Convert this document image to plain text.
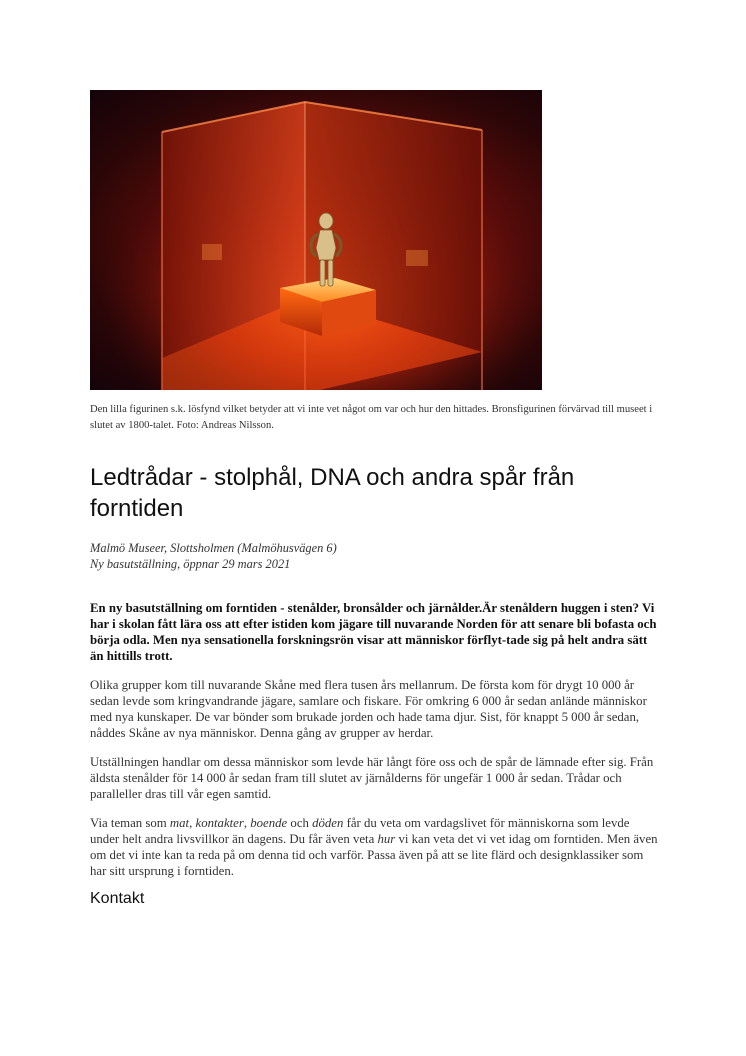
Den lilla figurinen s.k. lösfynd vilket betyder att vi inte vet något om var och hur den hittades. Bronsfigurinen förvärvad till museet i slutet av 1800-talet. Foto: Andreas Nilsson.
Ledtrådar - stolphål, DNA och andra spår från forntiden
Malmö Museer, Slottsholmen (Malmöhusvägen 6)
Ny basutställning, öppnar 29 mars 2021
En ny basutställning om forntiden - stenålder, bronsålder och järnålder.Är stenåldern huggen i sten? Vi har i skolan fått lära oss att efter istiden kom jägare till nuvarande Norden för att senare bli bofasta och börja odla. Men nya sensationella forskningsrön visar att människor förflyt-tade sig på helt andra sätt än hittills trott.

Olika grupper kom till nuvarande Skåne med flera tusen års mellanrum. De första kom för drygt 10 000 år sedan levde som kringvandrande jägare, samlare och fiskare. För omkring 6 000 år sedan anlände människor med nya kunskaper. De var bönder som brukade jorden och hade tama djur. Sist, för knappt 5 000 år sedan, nåddes Skåne av nya människor. Denna gång av grupper av herdar.

Utställningen handlar om dessa människor som levde här långt före oss och de spår de lämnade efter sig. Från äldsta stenålder för 14 000 år sedan fram till slutet av järnålderns för ungefär 1 000 år sedan. Trådar och paralleller dras till vår egen samtid.

Via teman som mat, kontakter, boende och döden får du veta om vardagslivet för människorna som levde under helt andra livsvillkor än dagens. Du får även veta hur vi kan veta det vi vet idag om forntiden. Men även om det vi inte kan ta reda på om denna tid och varför. Passa även på att se lite flärd och designklassiker som har sitt ursprung i forntiden.

Kontakt
